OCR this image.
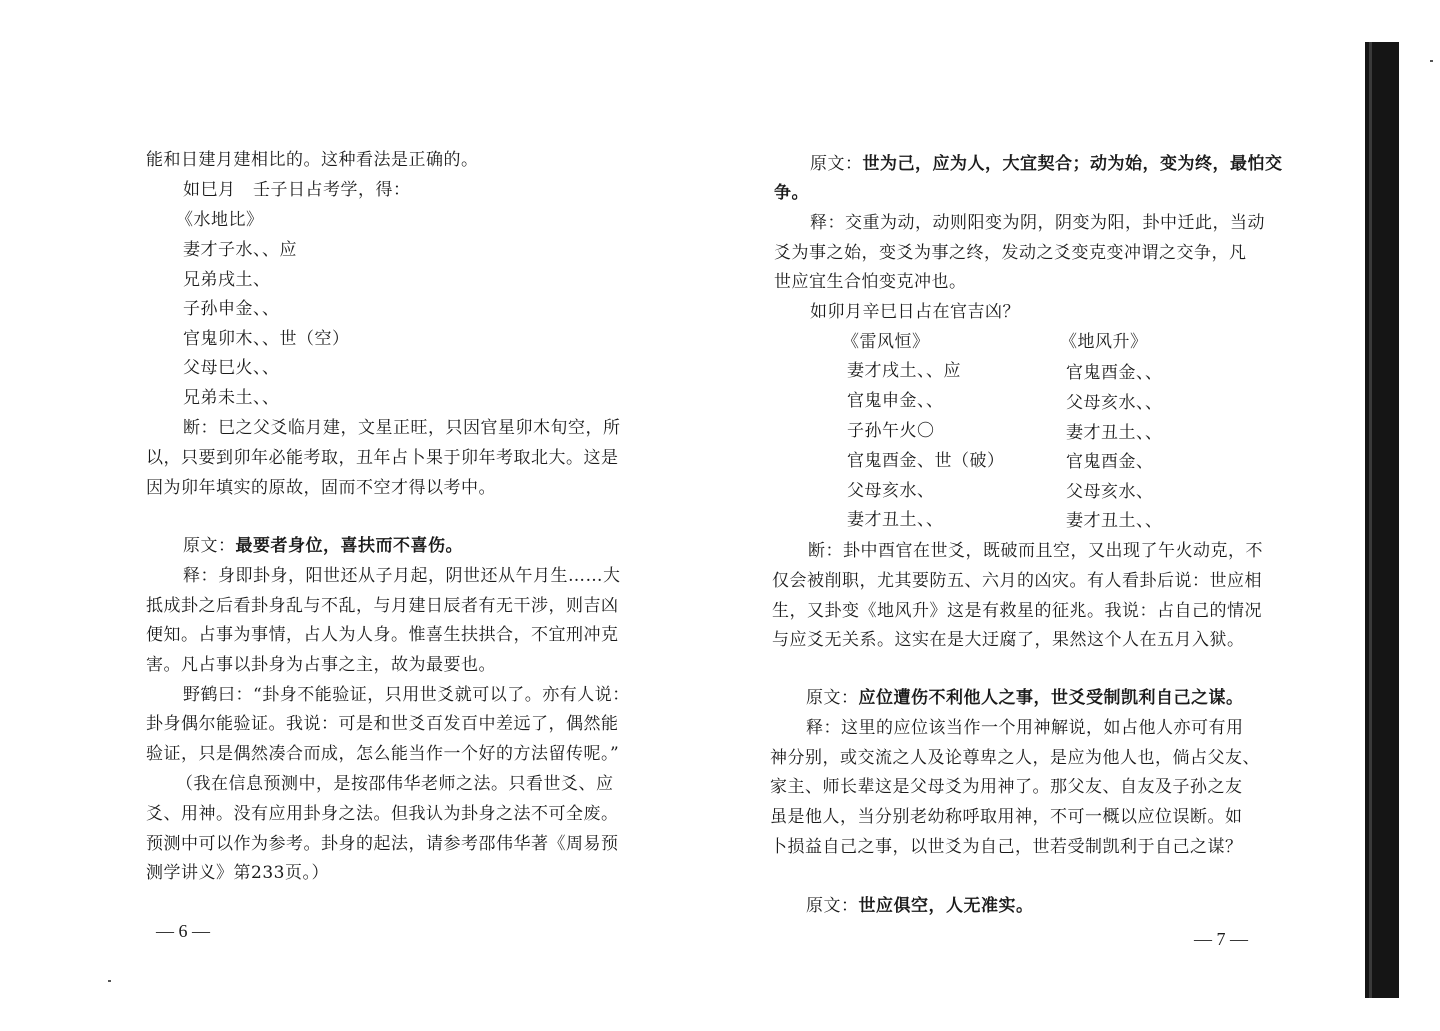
能和日建月建相比的。这种看法是正确的。
如巳月　壬子日占考学，得：
《水地比》
妻才子水、、应
兄弟戌土、
子孙申金、、
官鬼卯木、、世（空）
父母巳火、、
兄弟未土、、
断：巳之父爻临月建，文星正旺，只因官星卯木旬空，所
以，只要到卯年必能考取，丑年占卜果于卯年考取北大。这是
因为卯年填实的原故，固而不空才得以考中。
原文：最要者身位，喜扶而不喜伤。
释：身即卦身，阳世还从子月起，阴世还从午月生……大
抵成卦之后看卦身乱与不乱，与月建日辰者有无干涉，则吉凶
便知。占事为事情，占人为人身。惟喜生扶拱合，不宜刑冲克
害。凡占事以卦身为占事之主，故为最要也。
野鹤曰：“卦身不能验证，只用世爻就可以了。亦有人说：
卦身偶尔能验证。我说：可是和世爻百发百中差远了，偶然能
验证，只是偶然凑合而成，怎么能当作一个好的方法留传呢。”
（我在信息预测中，是按邵伟华老师之法。只看世爻、应
爻、用神。没有应用卦身之法。但我认为卦身之法不可全废。
预测中可以作为参考。卦身的起法，请参考邵伟华著《周易预
测学讲义》第233页。）
— 6 —
原文：世为己，应为人，大宜契合；动为始，变为终，最怕交
争。
释：交重为动，动则阳变为阴，阴变为阳，卦中迁此，当动
爻为事之始，变爻为事之终，发动之爻变克变冲谓之交争，凡
世应宜生合怕变克冲也。
如卯月辛巳日占在官吉凶？
《雷风恒》	《地风升》
妻才戌土、、应
官鬼申金、、
子孙午火〇
官鬼酉金、世（破）
父母亥水、
妻才丑土、、
官鬼酉金、、
父母亥水、、
妻才丑土、、
官鬼酉金、
父母亥水、
妻才丑土、、
断：卦中酉官在世爻，既破而且空，又出现了午火动克，不
仅会被削职，尤其要防五、六月的凶灾。有人看卦后说：世应相
生，又卦变《地风升》这是有救星的征兆。我说：占自己的情况
与应爻无关系。这实在是大迂腐了，果然这个人在五月入狱。
原文：应位遭伤不利他人之事，世爻受制凯利自己之谋。
释：这里的应位该当作一个用神解说，如占他人亦可有用
神分别，或交流之人及论尊卑之人，是应为他人也，倘占父友、
家主、师长辈这是父母爻为用神了。那父友、自友及子孙之友
虽是他人，当分别老幼称呼取用神，不可一概以应位误断。如
卜损益自己之事，以世爻为自己，世若受制凯利于自己之谋？
原文：世应俱空，人无准实。
— 7 —
